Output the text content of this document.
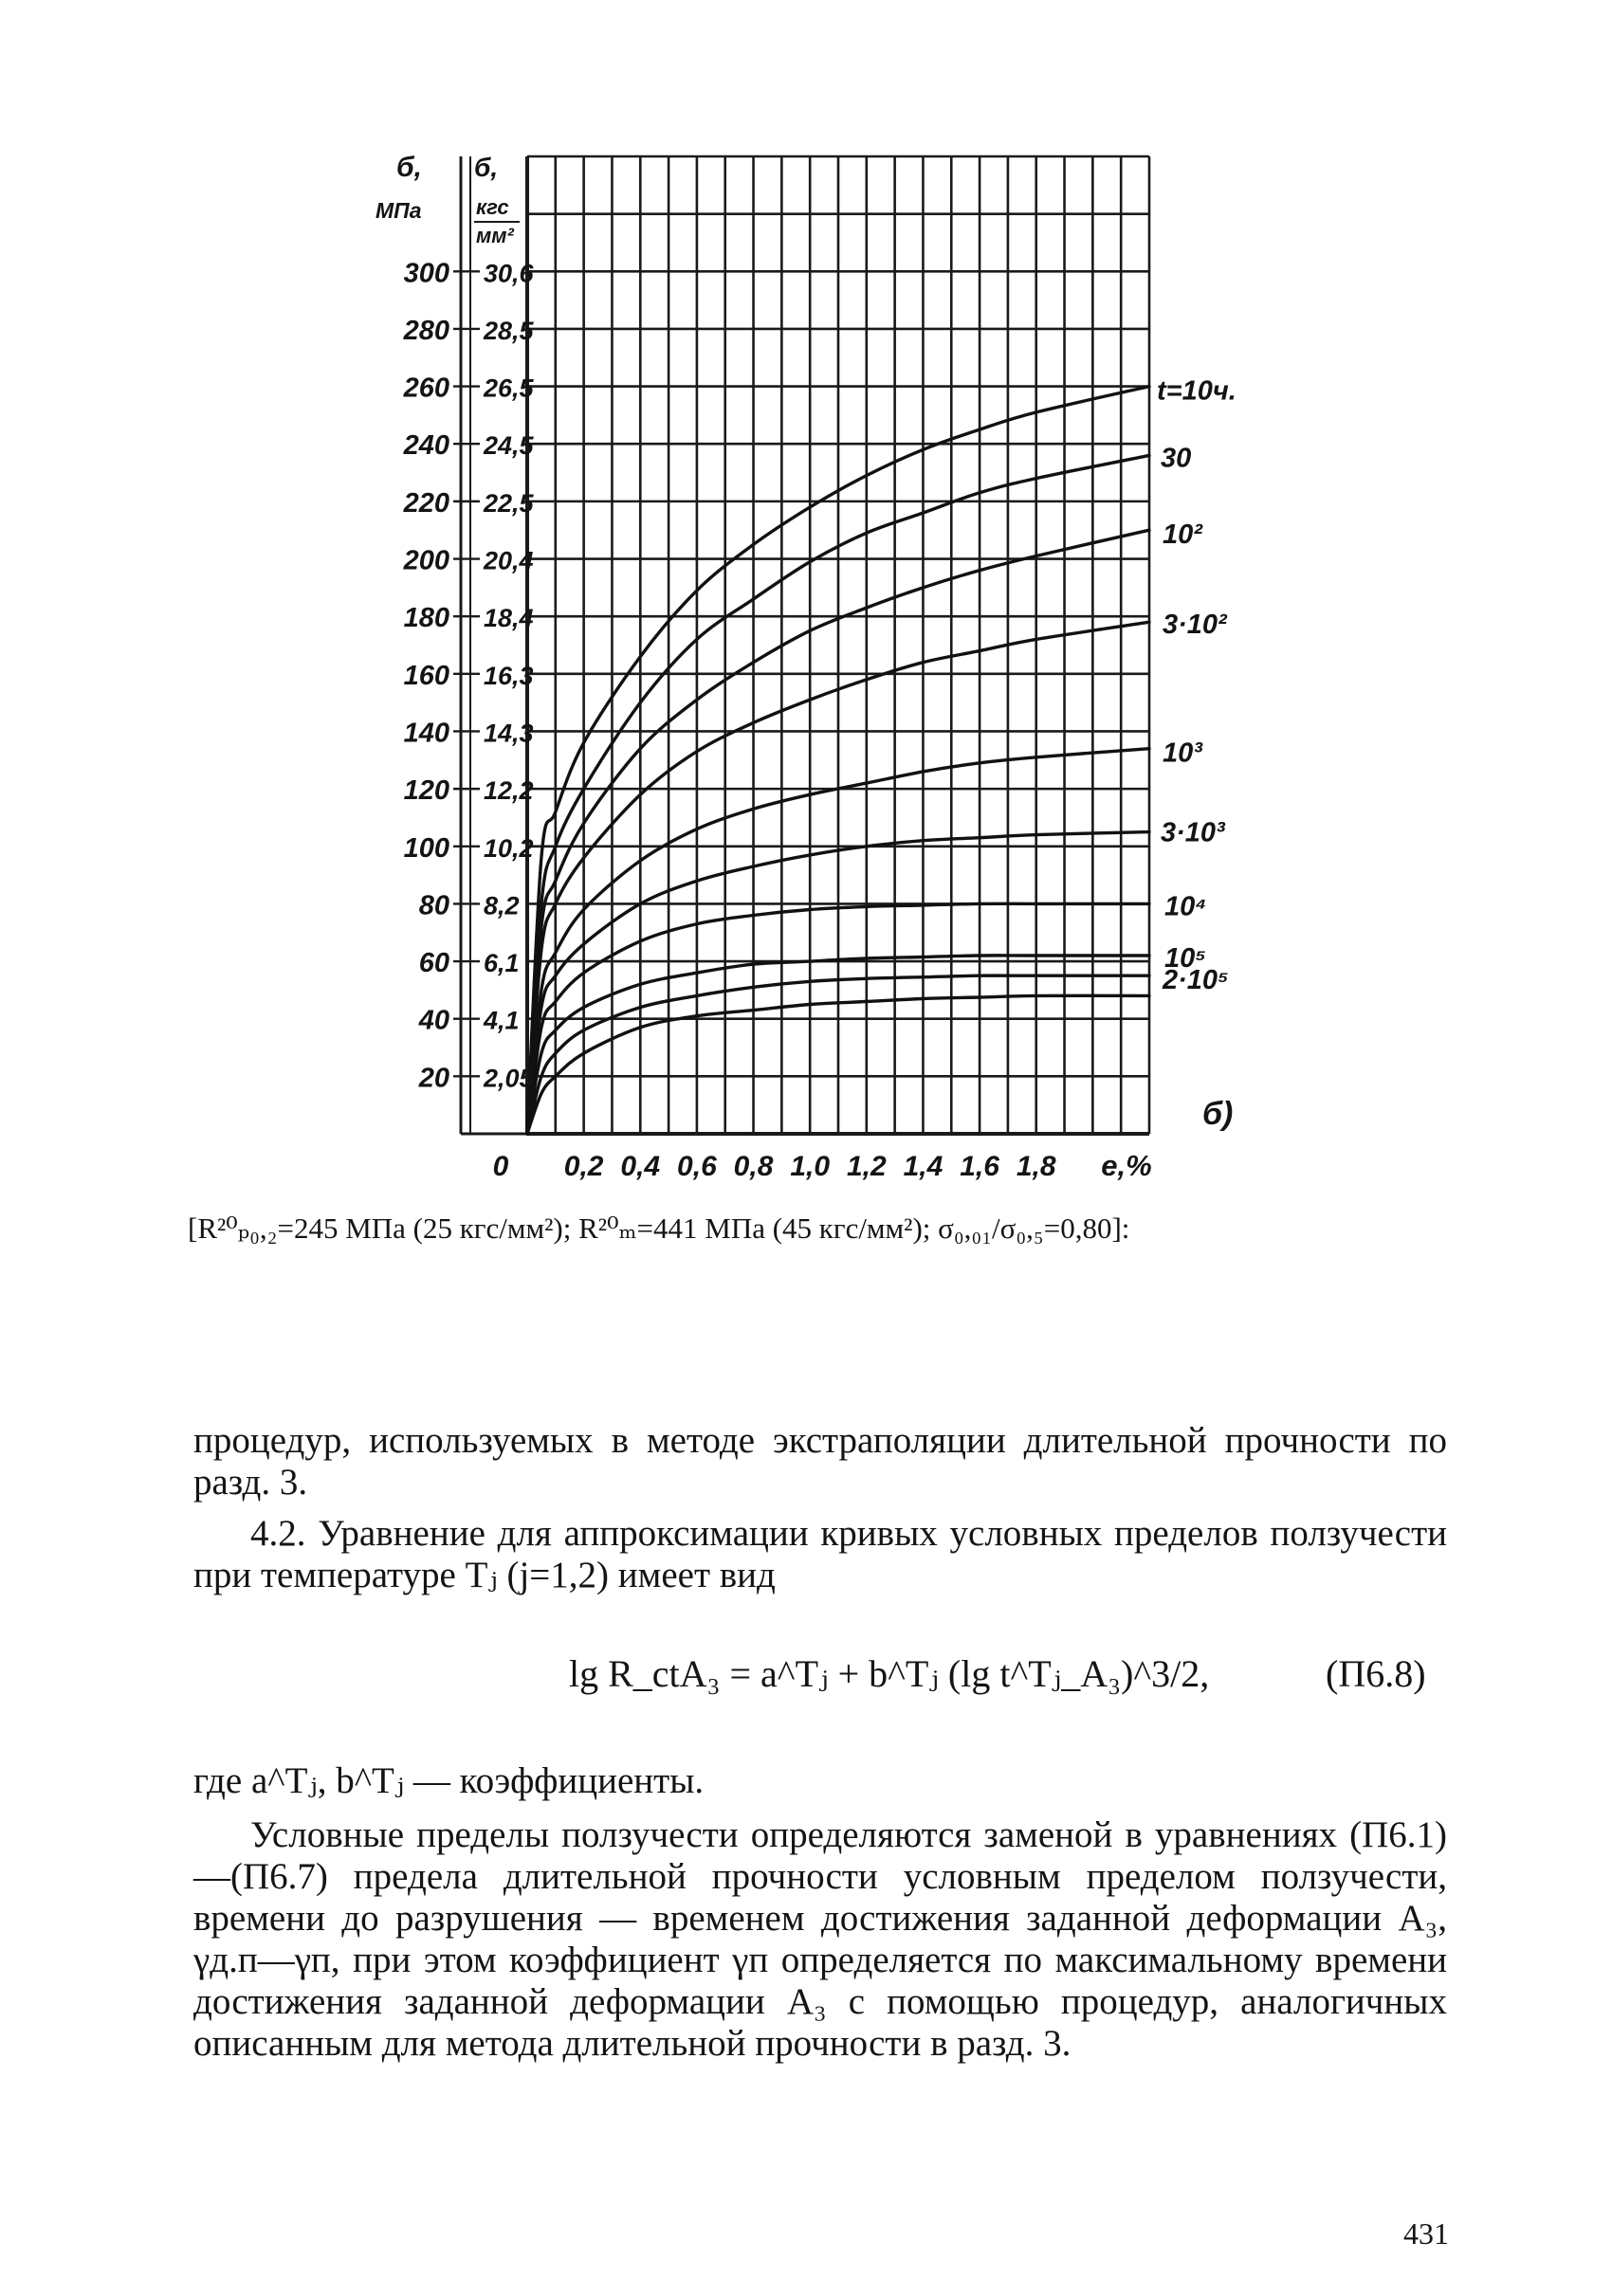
20 2,05
40 4,1
60 6,1
80 8,2
100 10,2
120 12,2
140 14,3
160 16,3
180 18,4
200 20,4
220 22,5
240 24,5
260 26,5
280 28,5
300 30,6
б,
МПа
б,
кгс
мм²
0 0,2 0,4 0,6 0,8 1,0 1,2 1,4 1,6 1,8 e,%
б)
t=10ч.
30
10²
3·10²
10³
3·10³
10⁴
10⁵
2·10⁵
[R²⁰ₚ₀,₂=245 МПа (25 кгс/мм²); R²⁰ₘ=441 МПа (45 кгс/мм²); σ₀,₀₁/σ₀,₅=0,80]:
процедур, используемых в методе экстраполяции длительной прочности по разд. 3.
4.2. Уравнение для аппроксимации кривых условных пределов ползучести при температуре Tⱼ (j=1,2) имеет вид
lg R_ctA₃ = a^Tⱼ + b^Tⱼ (lg t^Tⱼ_A₃)^3/2,	(П6.8)
где a^Tⱼ, b^Tⱼ — коэффициенты.
Условные пределы ползучести определяются заменой в уравнениях (П6.1)—(П6.7) предела длительной прочности условным пределом ползучести, времени до разрушения — временем достижения заданной деформации A₃, γд.п—γп, при этом коэффициент γп определяется по максимальному времени достижения заданной деформации A₃ с помощью процедур, аналогичных описанным для метода длительной прочности в разд. 3.
431
